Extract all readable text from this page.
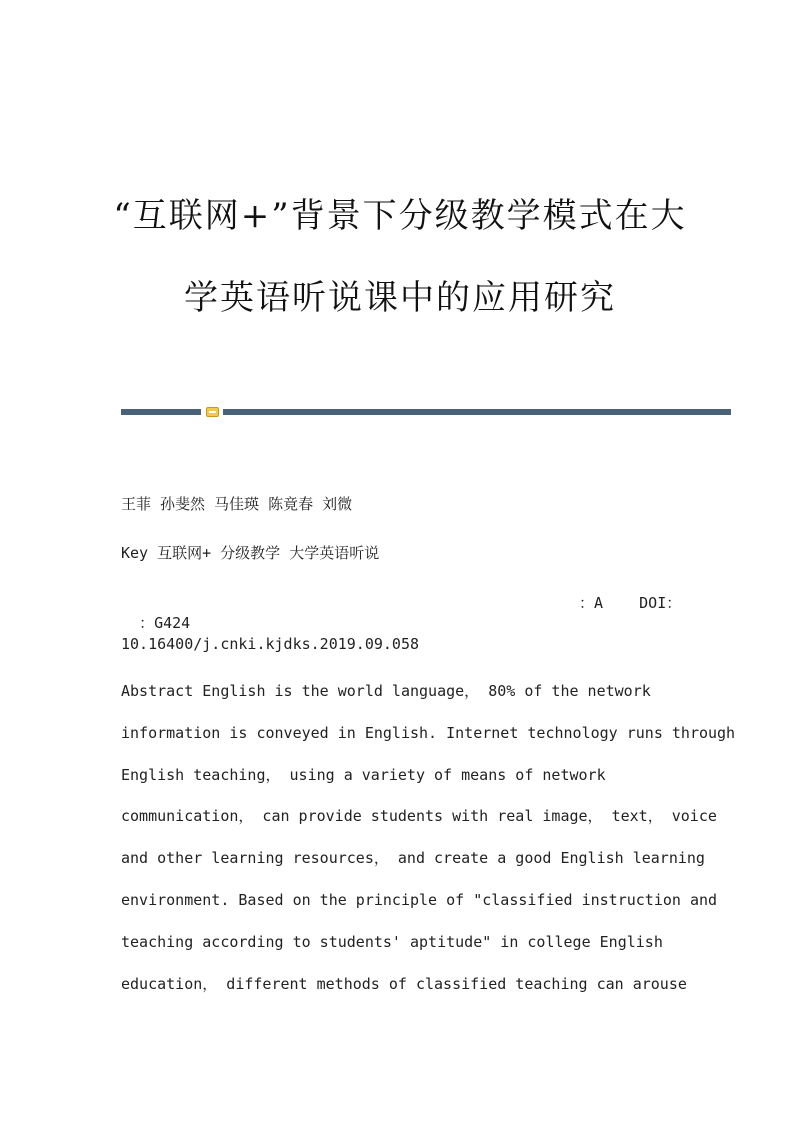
“互联网+”背景下分级教学模式在大
学英语听说课中的应用研究
王菲 孙斐然 马佳瑛 陈竟春 刘微
Key 互联网+ 分级教学 大学英语听说

：G424

：A    DOI：

10.16400/j.cnki.kjdks.2019.09.058
Abstract English is the world language， 80% of the network
information is conveyed in English. Internet technology runs through
English teaching， using a variety of means of network
communication， can provide students with real image， text， voice
and other learning resources， and create a good English learning
environment. Based on the principle of "classified instruction and
teaching according to students' aptitude" in college English
education， different methods of classified teaching can arouse
